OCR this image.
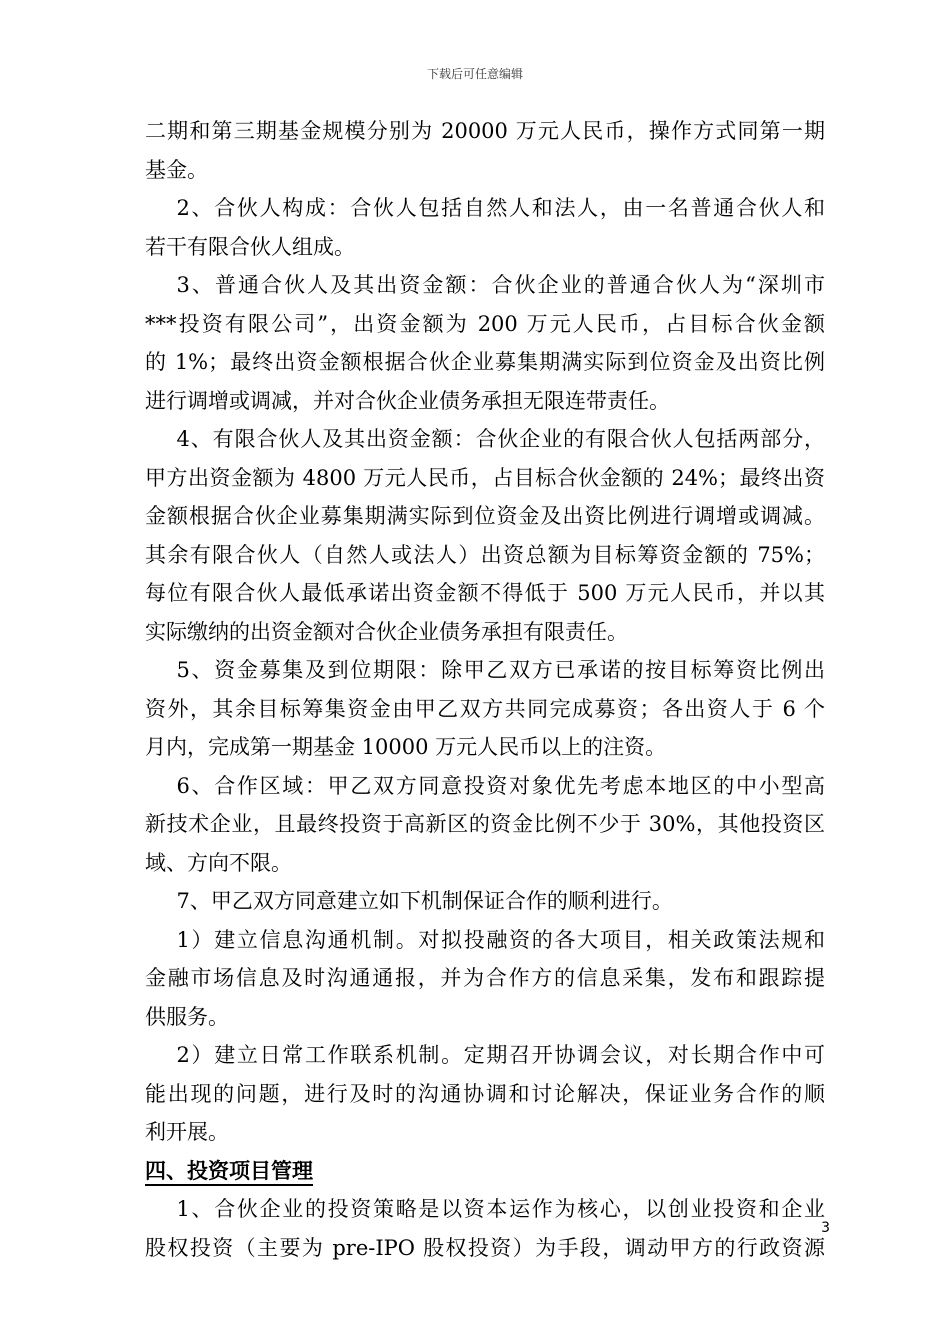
下载后可任意编辑
二期和第三期基金规模分别为 20000 万元人民币，操作方式同第一期
基金。
2、合伙人构成：合伙人包括自然人和法人，由一名普通合伙人和
若干有限合伙人组成。
3、普通合伙人及其出资金额：合伙企业的普通合伙人为“深圳市
***投资有限公司”，出资金额为 200 万元人民币，占目标合伙金额
的 1%；最终出资金额根据合伙企业募集期满实际到位资金及出资比例
进行调增或调减，并对合伙企业债务承担无限连带责任。
4、有限合伙人及其出资金额：合伙企业的有限合伙人包括两部分，
甲方出资金额为 4800 万元人民币，占目标合伙金额的 24%；最终出资
金额根据合伙企业募集期满实际到位资金及出资比例进行调增或调减。
其余有限合伙人（自然人或法人）出资总额为目标筹资金额的 75%；
每位有限合伙人最低承诺出资金额不得低于 500 万元人民币，并以其
实际缴纳的出资金额对合伙企业债务承担有限责任。
5、资金募集及到位期限：除甲乙双方已承诺的按目标筹资比例出
资外，其余目标筹集资金由甲乙双方共同完成募资；各出资人于 6 个
月内，完成第一期基金 10000 万元人民币以上的注资。
6、合作区域：甲乙双方同意投资对象优先考虑本地区的中小型高
新技术企业，且最终投资于高新区的资金比例不少于 30%，其他投资区
域、方向不限。
7、甲乙双方同意建立如下机制保证合作的顺利进行。
1）建立信息沟通机制。对拟投融资的各大项目，相关政策法规和
金融市场信息及时沟通通报，并为合作方的信息采集，发布和跟踪提
供服务。
2）建立日常工作联系机制。定期召开协调会议，对长期合作中可
能出现的问题，进行及时的沟通协调和讨论解决，保证业务合作的顺
利开展。
四、投资项目管理
1、合伙企业的投资策略是以资本运作为核心，以创业投资和企业
股权投资（主要为 pre-IPO 股权投资）为手段，调动甲方的行政资源
3
